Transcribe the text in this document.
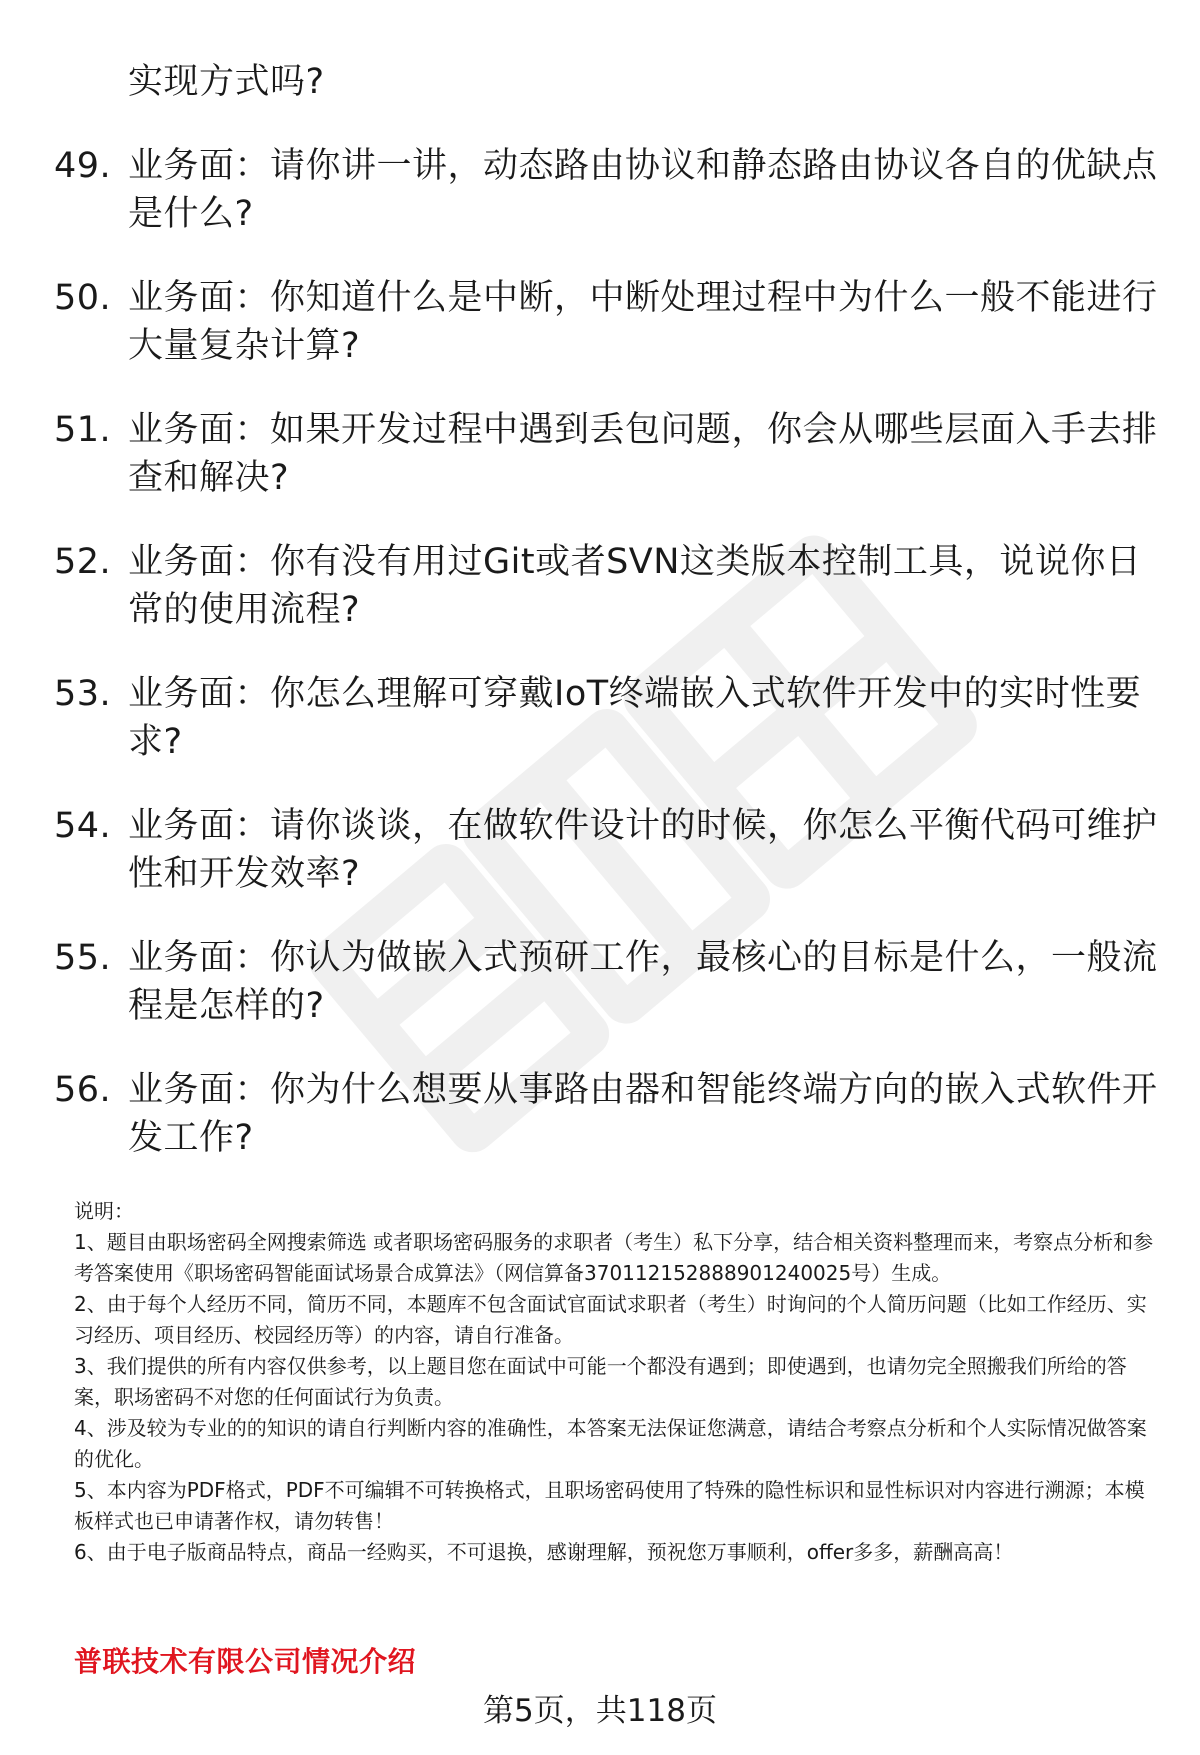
实现方式吗?
49. 业务面：请你讲一讲，动态路由协议和静态路由协议各自的优缺点是什么?
50. 业务面：你知道什么是中断，中断处理过程中为什么一般不能进行大量复杂计算?
51. 业务面：如果开发过程中遇到丢包问题，你会从哪些层面入手去排查和解决?
52. 业务面：你有没有用过Git或者SVN这类版本控制工具，说说你日常的使用流程?
53. 业务面：你怎么理解可穿戴IoT终端嵌入式软件开发中的实时性要求?
54. 业务面：请你谈谈，在做软件设计的时候，你怎么平衡代码可维护性和开发效率?
55. 业务面：你认为做嵌入式预研工作，最核心的目标是什么，一般流程是怎样的?
56. 业务面：你为什么想要从事路由器和智能终端方向的嵌入式软件开发工作?
说明：
1、题目由职场密码全网搜索筛选 或者职场密码服务的求职者（考生）私下分享，结合相关资料整理而来，考察点分析和参考答案使用《职场密码智能面试场景合成算法》（网信算备370112152888901240025号）生成。
2、由于每个人经历不同，简历不同，本题库不包含面试官面试求职者（考生）时询问的个人简历问题（比如工作经历、实习经历、项目经历、校园经历等）的内容，请自行准备。
3、我们提供的所有内容仅供参考，以上题目您在面试中可能一个都没有遇到；即使遇到，也请勿完全照搬我们所给的答案，职场密码不对您的任何面试行为负责。
4、涉及较为专业的的知识的请自行判断内容的准确性，本答案无法保证您满意，请结合考察点分析和个人实际情况做答案的优化。
5、本内容为PDF格式，PDF不可编辑不可转换格式，且职场密码使用了特殊的隐性标识和显性标识对内容进行溯源；本模板样式也已申请著作权，请勿转售！
6、由于电子版商品特点，商品一经购买，不可退换，感谢理解，预祝您万事顺利，offer多多，薪酬高高！
普联技术有限公司情况介绍
第5页，共118页
